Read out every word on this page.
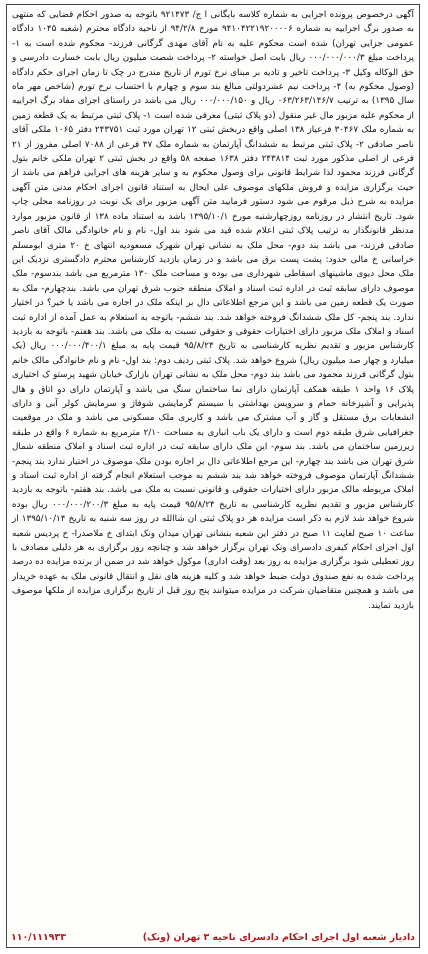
آگهی درخصوص پرونده اجرایی به شماره کلاسه بایگانی ا ج/ ۹۲۱۴۷۳ باتوجه به صدور احکام قضایی که منتهی به صدور برگ اجراییه به شماره ۹۴۱۰۴۲۲۱۹۲۰۰۰۰۶ مورخ ۹۴/۲/۸ از ناحیه دادگاه محترم (شعبه ۱۰۴۵ دادگاه عمومی جزایی تهران) شده است محکوم علیه به نام آقای مهدی گرگانی فرزند- محکوم شده است به ۱- پرداخت مبلغ ۰۰۰/۰۰۰/۰۰۰/۳ ریال بابت اصل خواسته ۲- پرداخت شصت میلیون ریال بابت خسارت دادرسی و حق الوکاله وکیل ۳- پرداخت تاخیر و تادیه بر مبنای نرخ تورم از تاریخ مندرج در چک تا زمان اجرای حکم دادگاه (وصول محکوم به) ۴- پرداخت نیم عشردولتی مبالغ بند سوم و چهارم با احتساب نرخ تورم (شاخص مهر ماه سال ۱۳۹۵) به ترتیب ۰۶۳/۲۶۳/۱۴۶/۷ ریال و ۰۰۰/۰۰۰/۱۵۰ ریال می باشد در راستای اجرای مفاد برگ اجراییه از محکوم علیه مزبور مال غیر منقول (دو پلاک ثبتی) معرفی شده است ۱- پلاک ثبتی مرتبط به یک قطعه زمین به شماره ملک ۳۰۴۶۷ فرعیاز ۱۳۸ اصلی واقع دربخش ثبتی ۱۲ تهران مورد ثبت ۲۴۳۷۵۱ دفتر ۱۰۶۵ ملکی آقای ناصر صادقی ۲- پلاک ثبتی مرتبط به ششدانگ آپارتمان به شماره ملک ۴۷ فرعی از ۷۰۸۸ اصلی مفروز از ۲۱ فرعی از اصلی مذکور مورد ثبت ۲۴۳۸۱۴ دفتر ۱۶۳۸ صفحه ۵۸ واقع در بخش ثبتی ۲ تهران ملکی خانم بتول گرگانی فرزند محمود لذا شرایط قانونی برای وصول محکوم به و سایر هزینه های اجرایی فراهم می باشد از حیث برگزاری مزایده و فروش ملکهای موصوف علی ایحال به استناد قانون اجرای احکام مدنی متن آگهی مزایده به شرح ذیل مرقوم می شود دستور فرمایید متن آگهی مزبور برای یک نوبت در روزنامه محلی چاپ شود. تاریخ انتشار در روزنامه روزچهارشنبه مورخ ۱۳۹۵/۱۰/۱ باشد به استناد ماده ۱۳۸ از قانون مزبور موارد مدنظر قانونگذار به ترتیب پلاک ثبتی اعلام شده قید می شود بند اول- نام و نام خانوادگی مالک آقای ناصر صادقی فرزند- می باشد بند دوم- محل ملک به نشانی تهران شهرک مسعودیه انتهای خ ۲۰ متری ابومسلم خراسانی خ مالی حدود: پشت پست برق می باشد و در زمان بازدید کارشناس محترم دادگستری نزدیک این ملک محل دیوی ماشینهای اسقاطی شهرداری می بوده و مساحت ملک ۱۳۰ مترمربع می باشد بندسوم- ملک موصوف دارای سابقه ثبت در اداره ثبت اسناد و املاک منطقه جنوب شرق تهران می باشد. بندچهارم- ملک به صورت یک قطعه زمین می باشد و این مرجع اطلاعاتی دال بر اینکه ملک در اجاره می باشد یا خیر؟ در اختیار ندارد. بند پنجم- کل ملک ششدانگ فروخته خواهد شد. بند ششم- باتوجه به استعلام به عمل آمده از اداره ثبت اسناد و املاک ملک مزبور دارای اختیارات حقوقی و حقوقی نسبت به ملک می باشد. بند هفتم- باتوجه به بازدید کارشناس مزبور و تقدیم نظریه کارشناسی به تاریخ ۹۵/۸/۲۴ قیمت پایه به مبلغ ۰۰۰/۰۰۰/۴۰۰/۱ ریال (یک میلیارد و چهار صد میلیون ریال) شروع خواهد شد. پلاک ثبتی ردیف دوم: بند اول- نام و نام خانوادگی مالک خانم بتول گرگانی فرزند محمود می باشد بند دوم- محل ملک به نشانی تهران بازارک خیابان شهید پرستو ک اختیاری پلاک ۱۶ واحد ۱ طبقه همکف آپارتمان دارای نما ساختمان سنگ می باشد و آپارتمان دارای دو اتاق و هال پذیرایی و آشپزخانه حمام و سرویس بهداشتی با سیستم گرمایشی شوفاژ و سرمایش کولر آبی و دارای انشعابات برق مستقل و گاز و آب مشترک می باشد و کاربری ملک مسکونی می باشد و ملک در موقعیت جغرافیایی شرق طبقه دوم است و دارای یک باب انباری به مساحت ۲/۱۰ مترمربع به شماره ۶ واقع در طبقه زیرزمین ساختمان می باشد. بند سوم- این ملک دارای سابقه ثبت در اداره ثبت اسناد و املاک منطقه شمال شرق تهران می باشد بند چهارم- این مرجع اطلاعاتی دال بر اجاره بودن ملک موصوف در اختیار ندارد بند پنجم- ششدانگ آپارتمان موصوف فروخته خواهد شد بند ششم به موجب استعلام انجام گرفته از اداره ثبت اسناد و املاک مربوطه مالک مزبور دارای اختیارات حقوقی و قانونی نسبت به ملک می باشد. بند هفتم- باتوجه به بازدید کارشناس مزبور و تقدیم نظریه کارشناسی به تاریخ ۹۵/۸/۲۴ قیمت پایه به مبلغ ۰۰۰/۰۰۰/۲۰۰/۳ ریال بوده شروع خواهد شد لازم به ذکر است مزایده هر دو پلاک ثبتی ان شاالله در روز سه شنبه به تاریخ ۱۳۹۵/۱۰/۱۴ از ساعت ۱۰ صبح لغایت ۱۱ صبح در دفتر این شعبه بنشانی تهران میدان ونک ابتدای خ ملاصدرا- خ پردیس شعبه اول اجرای احکام کیفری دادسرای ونک تهران برگزار خواهد شد و چنانچه روز برگزاری به هر دلیلی مصادف با روز تعطیلی شود برگزاری مزایده به روز بعد (وقت اداری) موکول خواهد شد در ضمن از برنده مزایده ده درصد پرداخت شده به نفع صندوق دولت ضبط خواهد شد و کلیه هزینه های نقل و انتقال قانونی ملک به عهده خریدار می باشد و همچنین متقاضیان شرکت در مزایده میتوانند پنج روز قبل از تاریخ برگزاری مزایده از ملکها موصوف بازدید نمایند.

دادیار شعبه اول اجرای احکام دادسرای ناحیه ۳ تهران (ونک)
۱۱۰/۱۱۱۹۳۳
